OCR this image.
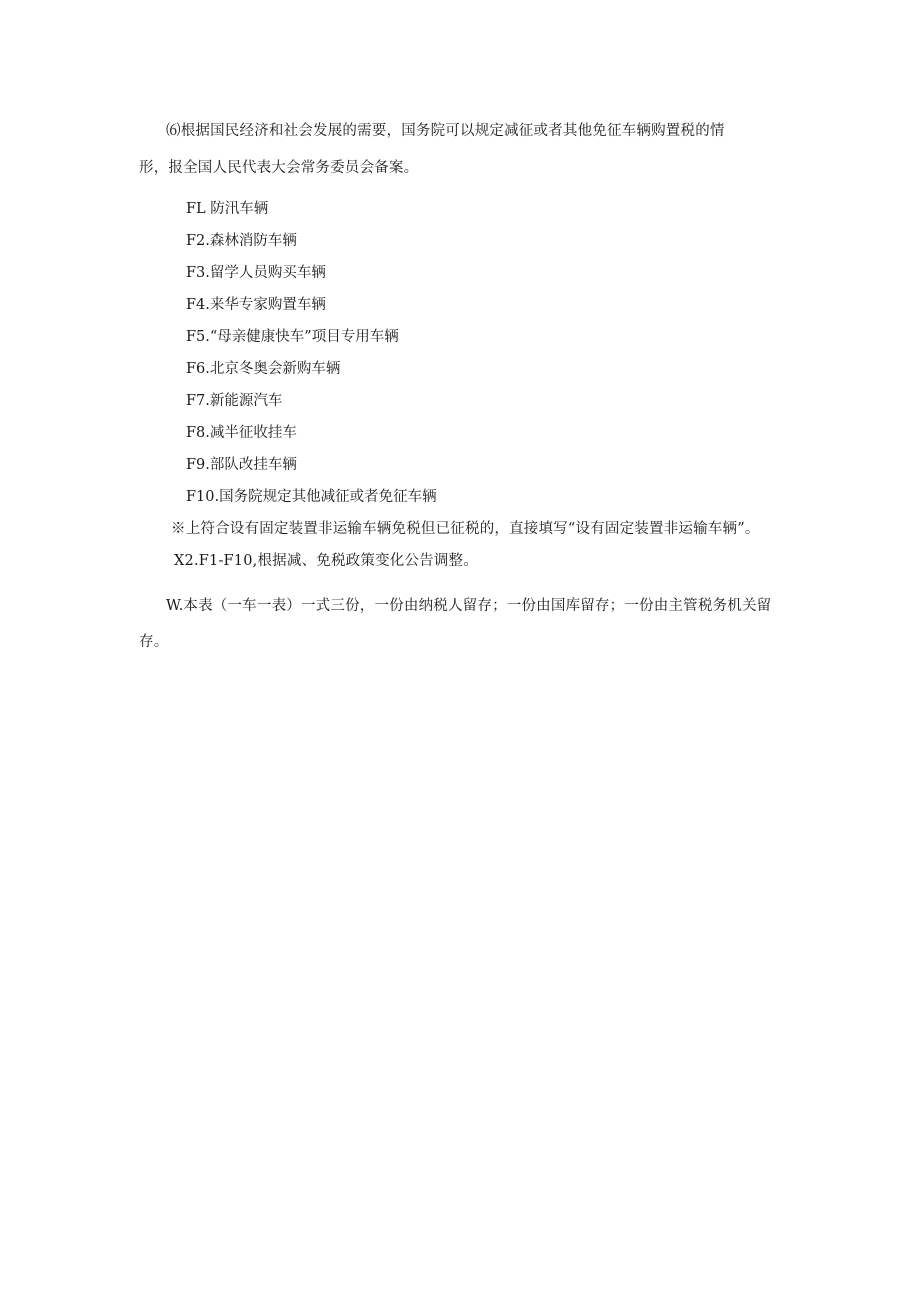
⑹根据国民经济和社会发展的需要，国务院可以规定减征或者其他免征车辆购置税的情
形，报全国人民代表大会常务委员会备案。
FL 防汛车辆
F2.森林消防车辆
F3.留学人员购买车辆
F4.来华专家购置车辆
F5.“母亲健康快车”项目专用车辆
F6.北京冬奥会新购车辆
F7.新能源汽车
F8.减半征收挂车
F9.部队改挂车辆
F10.国务院规定其他减征或者免征车辆
※上符合设有固定装置非运输车辆免税但已征税的，直接填写“设有固定装置非运输车辆”。
X2.F1-F10,根据减、免税政策变化公告调整。
W.本表（一车一表）一式三份，一份由纳税人留存；一份由国库留存；一份由主管税务机关留
存。
